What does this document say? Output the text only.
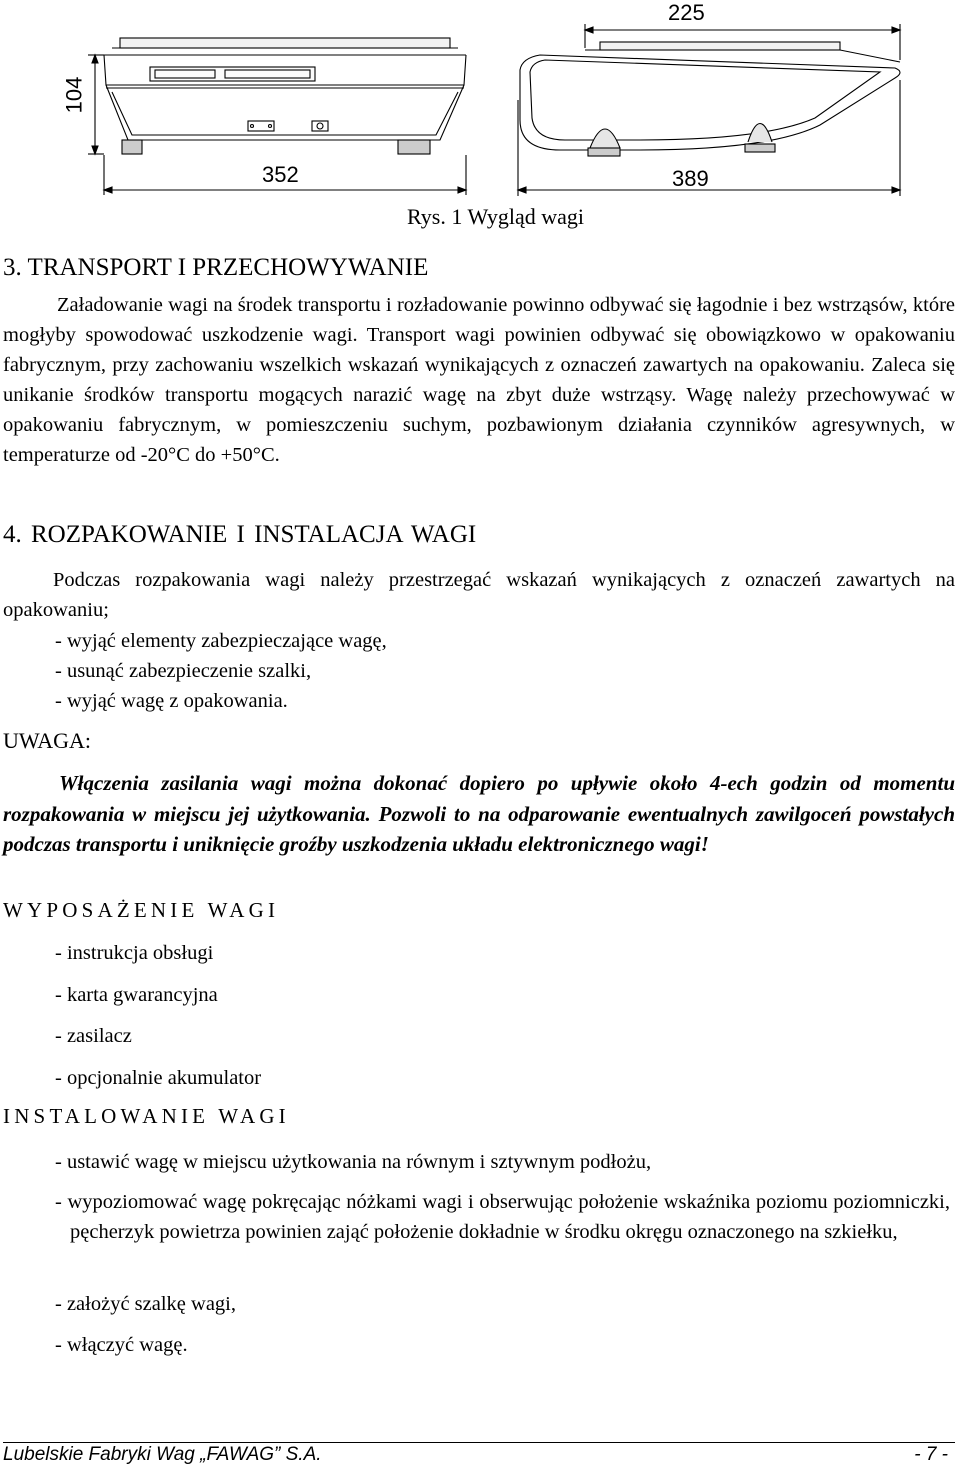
104
352
225
389
Rys. 1 Wygląd wagi
3. TRANSPORT I PRZECHOWYWANIE
Załadowanie wagi na środek transportu i rozładowanie powinno odbywać się łagodnie i bez wstrząsów, które mogłyby spowodować uszkodzenie wagi. Transport wagi powinien odbywać się obowiązkowo w opakowaniu fabrycznym, przy zachowaniu wszelkich wskazań wynikających z oznaczeń zawartych na opakowaniu. Zaleca się unikanie środków transportu mogących narazić wagę na zbyt duże wstrząsy. Wagę należy przechowywać w opakowaniu fabrycznym, w pomieszczeniu suchym, pozbawionym działania czynników agresywnych, w temperaturze od -20°C do +50°C.
4. ROZPAKOWANIE I INSTALACJA WAGI
Podczas rozpakowania wagi należy przestrzegać wskazań wynikających z oznaczeń zawartych na opakowaniu;
- wyjąć elementy zabezpieczające wagę,
- usunąć zabezpieczenie szalki,
- wyjąć wagę z opakowania.
UWAGA:
Włączenia zasilania wagi można dokonać dopiero po upływie około 4-ech godzin od momentu rozpakowania w miejscu jej użytkowania. Pozwoli to na odparowanie ewentualnych zawilgoceń powstałych podczas transportu i uniknięcie groźby uszkodzenia układu elektronicznego wagi!
WYPOSAŻENIE WAGI
- instrukcja obsługi
- karta gwarancyjna
- zasilacz
- opcjonalnie akumulator
INSTALOWANIE WAGI
- ustawić wagę w miejscu użytkowania na równym i sztywnym podłożu,
- wypoziomować wagę pokręcając nóżkami wagi i obserwując położenie wskaźnika poziomu poziomniczki, pęcherzyk powietrza powinien zająć położenie dokładnie w środku okręgu oznaczonego na szkiełku,
- założyć szalkę wagi,
- włączyć wagę.
Lubelskie Fabryki Wag „FAWAG” S.A.	- 7 -
